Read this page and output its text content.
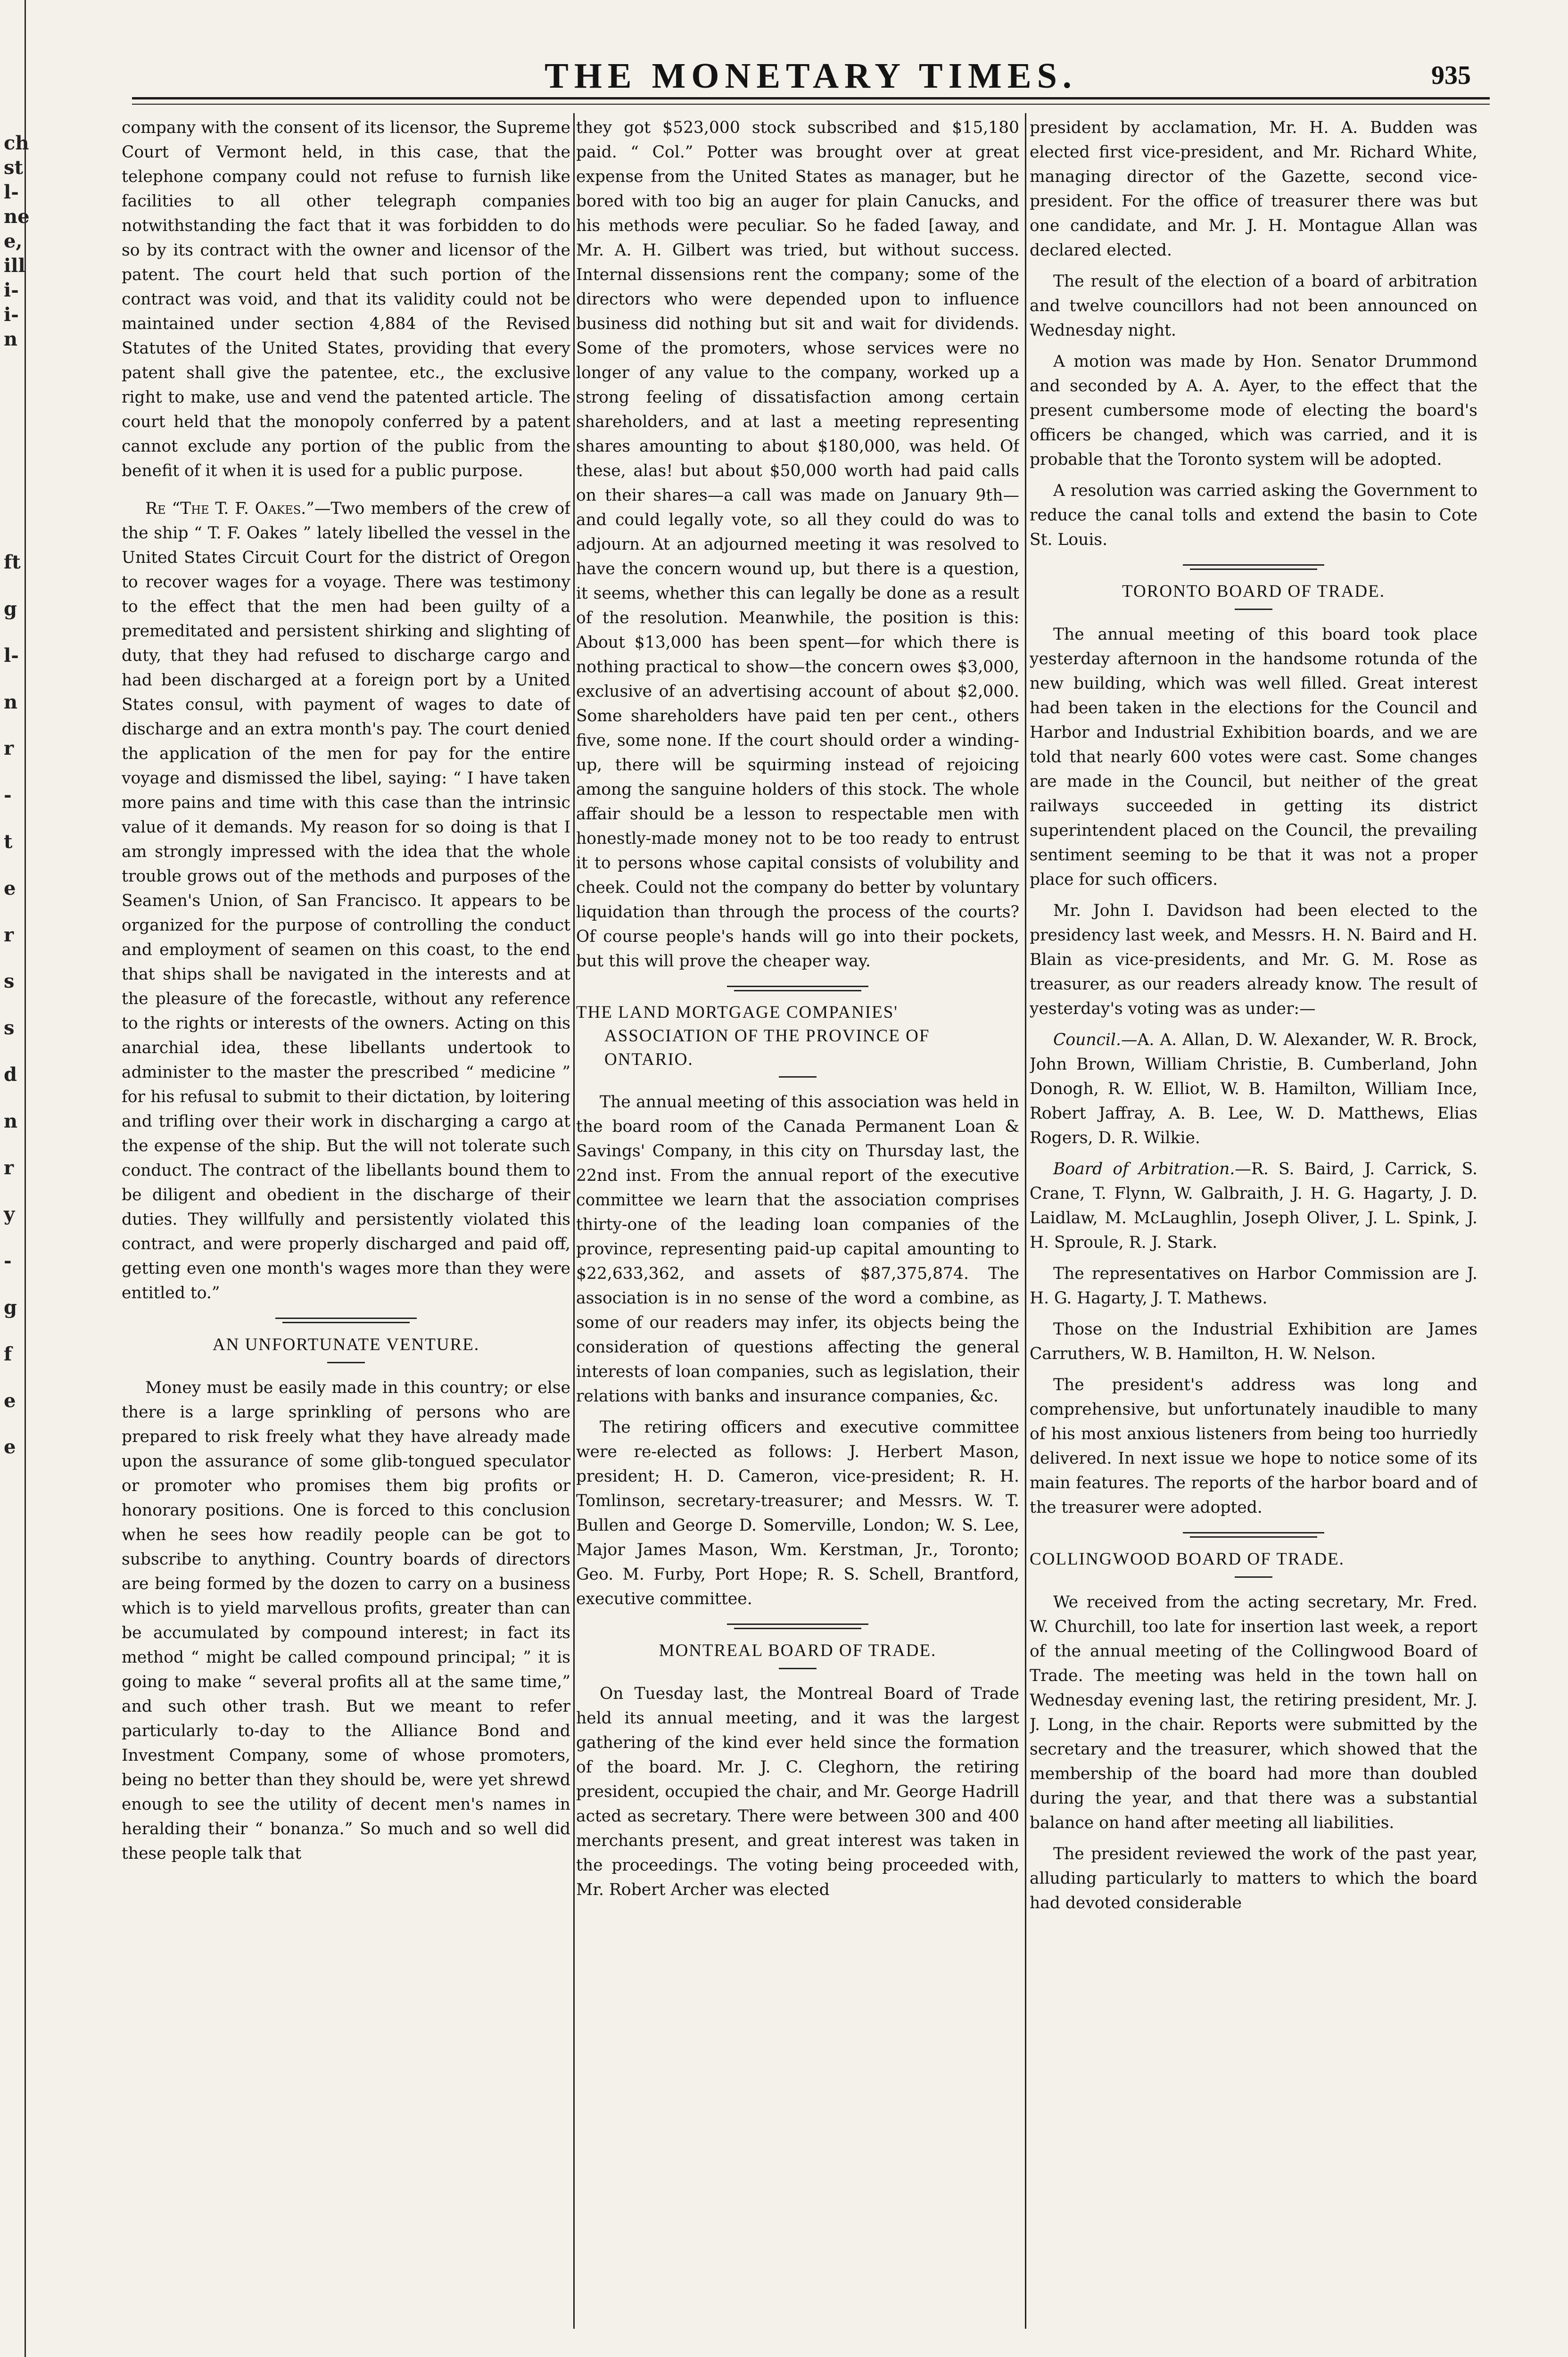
ch
st
l-
ne
e,
ill
i-
i-
n
ft
g
l-
n
r
-
t
e
r
s
s
d
n
r
y
-
g
f
e
e
THE MONETARY TIMES.	935

company with the consent of its licensor, the Supreme Court of Vermont held, in this case, that the telephone company could not refuse to furnish like facilities to all other telegraph companies notwithstanding the fact that it was forbidden to do so by its contract with the owner and licensor of the patent. The court held that such portion of the contract was void, and that its validity could not be maintained under section 4,884 of the Revised Statutes of the United States, providing that every patent shall give the patentee, etc., the exclusive right to make, use and vend the patented article. The court held that the monopoly conferred by a patent cannot exclude any portion of the public from the benefit of it when it is used for a public purpose.

Re “The T. F. Oakes.”—Two members of the crew of the ship “ T. F. Oakes ” lately libelled the vessel in the United States Circuit Court for the district of Oregon to recover wages for a voyage. There was testimony to the effect that the men had been guilty of a premeditated and persistent shirking and slighting of duty, that they had refused to discharge cargo and had been discharged at a foreign port by a United States consul, with payment of wages to date of discharge and an extra month's pay. The court denied the application of the men for pay for the entire voyage and dismissed the libel, saying: “ I have taken more pains and time with this case than the intrinsic value of it demands. My reason for so doing is that I am strongly impressed with the idea that the whole trouble grows out of the methods and purposes of the Seamen's Union, of San Francisco. It appears to be organized for the purpose of controlling the conduct and employment of seamen on this coast, to the end that ships shall be navigated in the interests and at the pleasure of the forecastle, without any reference to the rights or interests of the owners. Acting on this anarchial idea, these libellants undertook to administer to the master the prescribed “ medicine ” for his refusal to submit to their dictation, by loitering and trifling over their work in discharging a cargo at the expense of the ship. But the will not tolerate such conduct. The contract of the libellants bound them to be diligent and obedient in the discharge of their duties. They willfully and persistently violated this contract, and were properly discharged and paid off, getting even one month's wages more than they were entitled to.”

AN UNFORTUNATE VENTURE.

Money must be easily made in this country; or else there is a large sprinkling of persons who are prepared to risk freely what they have already made upon the assurance of some glib-tongued speculator or promoter who promises them big profits or honorary positions. One is forced to this conclusion when he sees how readily people can be got to subscribe to anything. Country boards of directors are being formed by the dozen to carry on a business which is to yield marvellous profits, greater than can be accumulated by compound interest; in fact its method “ might be called compound principal; ” it is going to make “ several profits all at the same time,” and such other trash. But we meant to refer particularly to-day to the Alliance Bond and Investment Company, some of whose promoters, being no better than they should be, were yet shrewd enough to see the utility of decent men's names in heralding their “ bonanza.” So much and so well did these people talk that

they got $523,000 stock subscribed and $15,180 paid. “ Col.” Potter was brought over at great expense from the United States as manager, but he bored with too big an auger for plain Canucks, and his methods were peculiar. So he faded [away, and Mr. A. H. Gilbert was tried, but without success. Internal dissensions rent the company; some of the directors who were depended upon to influence business did nothing but sit and wait for dividends. Some of the promoters, whose services were no longer of any value to the company, worked up a strong feeling of dissatisfaction among certain shareholders, and at last a meeting representing shares amounting to about $180,000, was held. Of these, alas! but about $50,000 worth had paid calls on their shares—a call was made on January 9th—and could legally vote, so all they could do was to adjourn. At an adjourned meeting it was resolved to have the concern wound up, but there is a question, it seems, whether this can legally be done as a result of the resolution. Meanwhile, the position is this: About $13,000 has been spent—for which there is nothing practical to show—the concern owes $3,000, exclusive of an advertising account of about $2,000. Some shareholders have paid ten per cent., others five, some none. If the court should order a winding-up, there will be squirming instead of rejoicing among the sanguine holders of this stock. The whole affair should be a lesson to respectable men with honestly-made money not to be too ready to entrust it to persons whose capital consists of volubility and cheek. Could not the company do better by voluntary liquidation than through the process of the courts? Of course people's hands will go into their pockets, but this will prove the cheaper way.

THE LAND MORTGAGE COMPANIES' ASSOCIATION OF THE PROVINCE OF ONTARIO.

The annual meeting of this association was held in the board room of the Canada Permanent Loan & Savings' Company, in this city on Thursday last, the 22nd inst. From the annual report of the executive committee we learn that the association comprises thirty-one of the leading loan companies of the province, representing paid-up capital amounting to $22,633,362, and assets of $87,375,874. The association is in no sense of the word a combine, as some of our readers may infer, its objects being the consideration of questions affecting the general interests of loan companies, such as legislation, their relations with banks and insurance companies, &c.

The retiring officers and executive committee were re-elected as follows: J. Herbert Mason, president; H. D. Cameron, vice-president; R. H. Tomlinson, secretary-treasurer; and Messrs. W. T. Bullen and George D. Somerville, London; W. S. Lee, Major James Mason, Wm. Kerstman, Jr., Toronto; Geo. M. Furby, Port Hope; R. S. Schell, Brantford, executive committee.

MONTREAL BOARD OF TRADE.

On Tuesday last, the Montreal Board of Trade held its annual meeting, and it was the largest gathering of the kind ever held since the formation of the board. Mr. J. C. Cleghorn, the retiring president, occupied the chair, and Mr. George Hadrill acted as secretary. There were between 300 and 400 merchants present, and great interest was taken in the proceedings. The voting being proceeded with, Mr. Robert Archer was elected

president by acclamation, Mr. H. A. Budden was elected first vice-president, and Mr. Richard White, managing director of the Gazette, second vice-president. For the office of treasurer there was but one candidate, and Mr. J. H. Montague Allan was declared elected.

The result of the election of a board of arbitration and twelve councillors had not been announced on Wednesday night.

A motion was made by Hon. Senator Drummond and seconded by A. A. Ayer, to the effect that the present cumbersome mode of electing the board's officers be changed, which was carried, and it is probable that the Toronto system will be adopted.

A resolution was carried asking the Government to reduce the canal tolls and extend the basin to Cote St. Louis.

TORONTO BOARD OF TRADE.

The annual meeting of this board took place yesterday afternoon in the handsome rotunda of the new building, which was well filled. Great interest had been taken in the elections for the Council and Harbor and Industrial Exhibition boards, and we are told that nearly 600 votes were cast. Some changes are made in the Council, but neither of the great railways succeeded in getting its district superintendent placed on the Council, the prevailing sentiment seeming to be that it was not a proper place for such officers.

Mr. John I. Davidson had been elected to the presidency last week, and Messrs. H. N. Baird and H. Blain as vice-presidents, and Mr. G. M. Rose as treasurer, as our readers already know. The result of yesterday's voting was as under:—

Council.—A. A. Allan, D. W. Alexander, W. R. Brock, John Brown, William Christie, B. Cumberland, John Donogh, R. W. Elliot, W. B. Hamilton, William Ince, Robert Jaffray, A. B. Lee, W. D. Matthews, Elias Rogers, D. R. Wilkie.

Board of Arbitration.—R. S. Baird, J. Carrick, S. Crane, T. Flynn, W. Galbraith, J. H. G. Hagarty, J. D. Laidlaw, M. McLaughlin, Joseph Oliver, J. L. Spink, J. H. Sproule, R. J. Stark.

The representatives on Harbor Commission are J. H. G. Hagarty, J. T. Mathews.

Those on the Industrial Exhibition are James Carruthers, W. B. Hamilton, H. W. Nelson.

The president's address was long and comprehensive, but unfortunately inaudible to many of his most anxious listeners from being too hurriedly delivered. In next issue we hope to notice some of its main features. The reports of the harbor board and of the treasurer were adopted.

COLLINGWOOD BOARD OF TRADE.

We received from the acting secretary, Mr. Fred. W. Churchill, too late for insertion last week, a report of the annual meeting of the Collingwood Board of Trade. The meeting was held in the town hall on Wednesday evening last, the retiring president, Mr. J. J. Long, in the chair. Reports were submitted by the secretary and the treasurer, which showed that the membership of the board had more than doubled during the year, and that there was a substantial balance on hand after meeting all liabilities.

The president reviewed the work of the past year, alluding particularly to matters to which the board had devoted considerable
